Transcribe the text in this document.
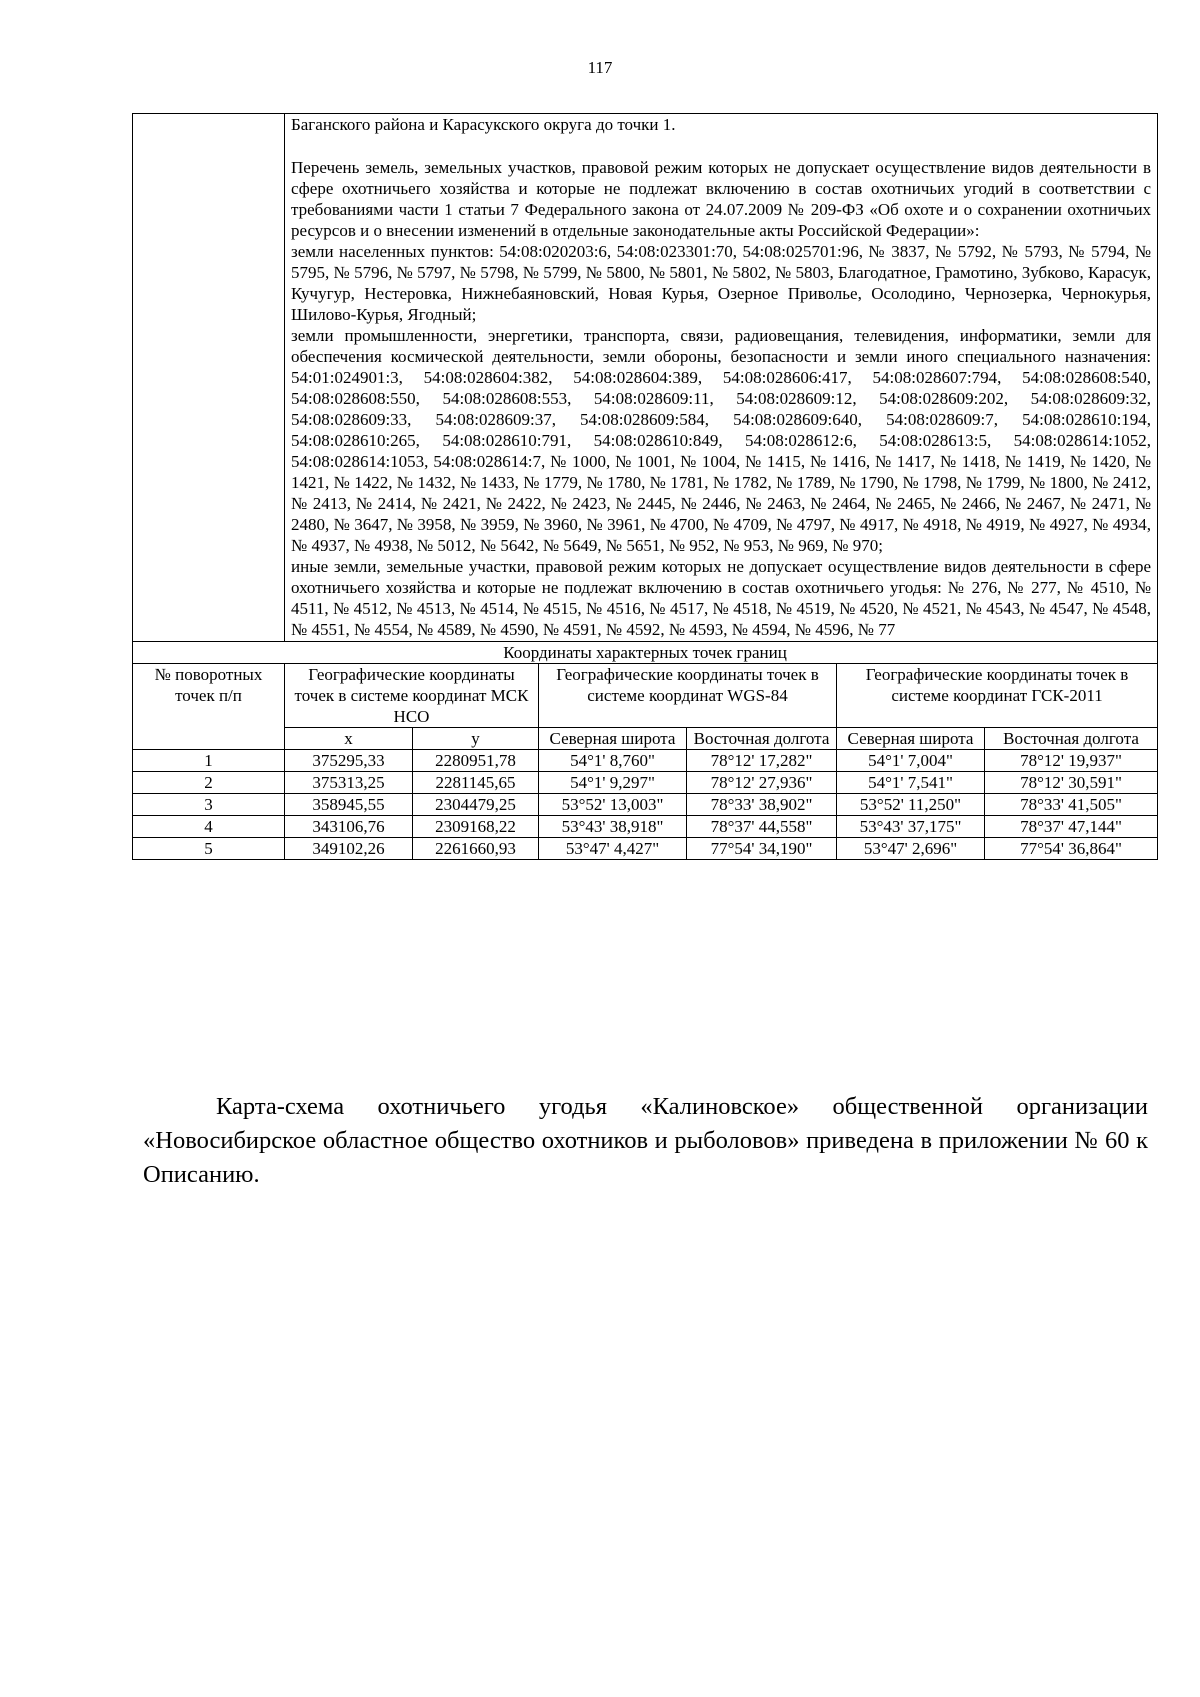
117

	Баганского района и Карасукского округа до точки 1.

Перечень земель, земельных участков, правовой режим которых не допускает осуществление видов деятельности в сфере охотничьего хозяйства и которые не подлежат включению в состав охотничьих угодий в соответствии с требованиями части 1 статьи 7 Федерального закона от 24.07.2009 № 209-ФЗ «Об охоте и о сохранении охотничьих ресурсов и о внесении изменений в отдельные законодательные акты Российской Федерации»:

земли населенных пунктов: 54:08:020203:6, 54:08:023301:70, 54:08:025701:96, № 3837, № 5792, № 5793, № 5794, № 5795, № 5796, № 5797, № 5798, № 5799, № 5800, № 5801, № 5802, № 5803, Благодатное, Грамотино, Зубково, Карасук, Кучугур, Нестеровка, Нижнебаяновский, Новая Курья, Озерное Приволье, Осолодино, Чернозерка, Чернокурья, Шилово-Курья, Ягодный;

земли промышленности, энергетики, транспорта, связи, радиовещания, телевидения, информатики, земли для обеспечения космической деятельности, земли обороны, безопасности и земли иного специального назначения: 54:01:024901:3, 54:08:028604:382, 54:08:028604:389, 54:08:028606:417, 54:08:028607:794, 54:08:028608:540, 54:08:028608:550, 54:08:028608:553, 54:08:028609:11, 54:08:028609:12, 54:08:028609:202, 54:08:028609:32, 54:08:028609:33, 54:08:028609:37, 54:08:028609:584, 54:08:028609:640, 54:08:028609:7, 54:08:028610:194, 54:08:028610:265, 54:08:028610:791, 54:08:028610:849, 54:08:028612:6, 54:08:028613:5, 54:08:028614:1052, 54:08:028614:1053, 54:08:028614:7, № 1000, № 1001, № 1004, № 1415, № 1416, № 1417, № 1418, № 1419, № 1420, № 1421, № 1422, № 1432, № 1433, № 1779, № 1780, № 1781, № 1782, № 1789, № 1790, № 1798, № 1799, № 1800, № 2412, № 2413, № 2414, № 2421, № 2422, № 2423, № 2445, № 2446, № 2463, № 2464, № 2465, № 2466, № 2467, № 2471, № 2480, № 3647, № 3958, № 3959, № 3960, № 3961, № 4700, № 4709, № 4797, № 4917, № 4918, № 4919, № 4927, № 4934, № 4937, № 4938, № 5012, № 5642, № 5649, № 5651, № 952, № 953, № 969, № 970;

иные земли, земельные участки, правовой режим которых не допускает осуществление видов деятельности в сфере охотничьего хозяйства и которые не подлежат включению в состав охотничьего угодья: № 276, № 277, № 4510, № 4511, № 4512, № 4513, № 4514, № 4515, № 4516, № 4517, № 4518, № 4519, № 4520, № 4521, № 4543, № 4547, № 4548, № 4551, № 4554, № 4589, № 4590, № 4591, № 4592, № 4593, № 4594, № 4596, № 77					

Координаты характерных точек границ						
№ поворотных точек п/п	Географические координаты точек в системе координат МСК НСО		Географические координаты точек в системе координат WGS-84		Географические координаты точек в системе координат ГСК-2011	
	x	y	Северная широта	Восточная долгота	Северная широта	Восточная долгота
1	375295,33	2280951,78	54°1' 8,760"	78°12' 17,282"	54°1' 7,004"	78°12' 19,937"
2	375313,25	2281145,65	54°1' 9,297"	78°12' 27,936"	54°1' 7,541"	78°12' 30,591"
3	358945,55	2304479,25	53°52' 13,003"	78°33' 38,902"	53°52' 11,250"	78°33' 41,505"
4	343106,76	2309168,22	53°43' 38,918"	78°37' 44,558"	53°43' 37,175"	78°37' 47,144"
5	349102,26	2261660,93	53°47' 4,427"	77°54' 34,190"	53°47' 2,696"	77°54' 36,864"

Карта-схема охотничьего угодья «Калиновское» общественной организации «Новосибирское областное общество охотников и рыболовов» приведена в приложении № 60 к Описанию.
